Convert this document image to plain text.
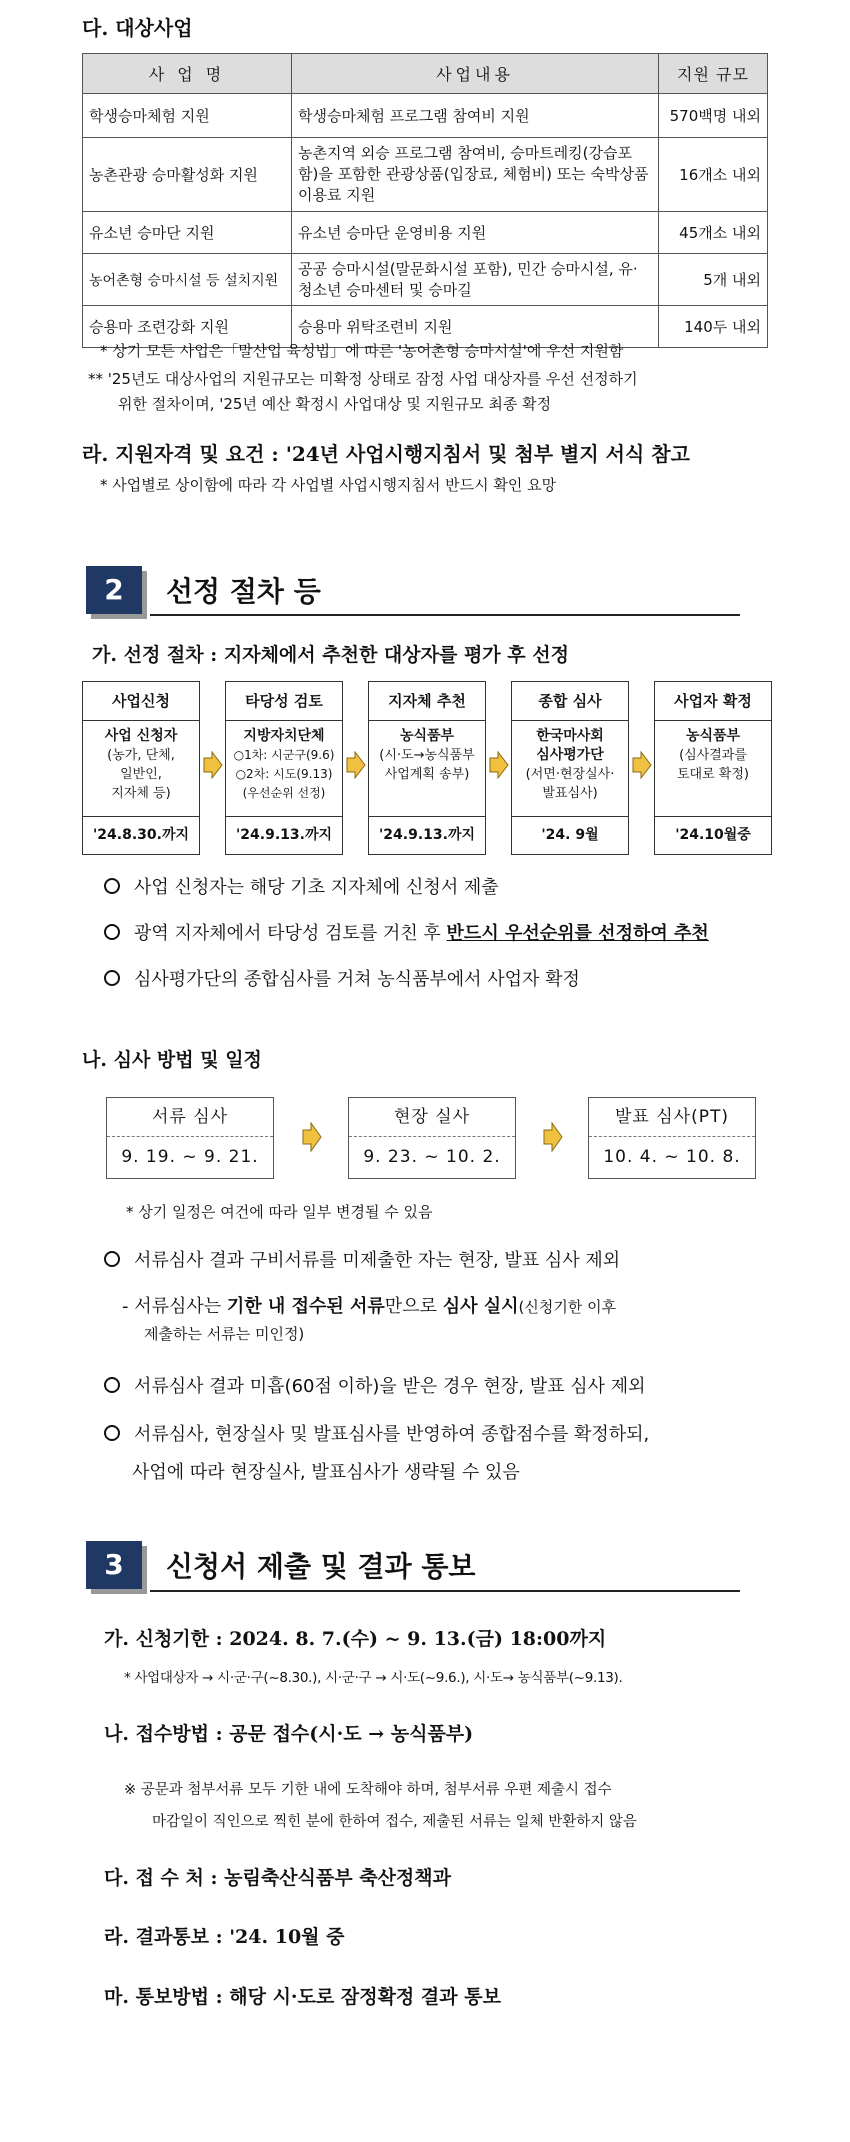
다. 대상사업
사 업 명	사업내용	지원 규모
학생승마체험 지원	학생승마체험 프로그램 참여비 지원	570백명 내외
농촌관광 승마활성화 지원	농촌지역 외승 프로그램 참여비, 승마트레킹(강습포함)을 포함한 관광상품(입장료, 체험비) 또는 숙박상품 이용료 지원	16개소 내외
유소년 승마단 지원	유소년 승마단 운영비용 지원	45개소 내외
농어촌형 승마시설 등 설치지원	공공 승마시설(말문화시설 포함), 민간 승마시설, 유·청소년 승마센터 및 승마길	5개 내외
승용마 조련강화 지원	승용마 위탁조련비 지원	140두 내외
* 상기 모든 사업은「말산업 육성법」에 따른 '농어촌형 승마시설'에 우선 지원함
** '25년도 대상사업의 지원규모는 미확정 상태로 잠정 사업 대상자를 우선 선정하기
위한 절차이며, '25년 예산 확정시 사업대상 및 지원규모 최종 확정
라. 지원자격 및 요건 : '24년 사업시행지침서 및 첨부 별지 서식 참고
* 사업별로 상이함에 따라 각 사업별 사업시행지침서 반드시 확인 요망
2	선정 절차 등
가. 선정 절차 : 지자체에서 추천한 대상자를 평가 후 선정
사업신청
사업 신청자
(농가, 단체,
일반인,
지자체 등)
'24.8.30.까지
타당성 검토
지방자치단체
○1차: 시군구(9.6)
○2차: 시도(9.13)
(우선순위 선정)
'24.9.13.까지
지자체 추천
농식품부
(시·도→농식품부
사업계획 송부)
'24.9.13.까지
종합 심사
한국마사회
심사평가단
(서면·현장실사·
발표심사)
'24. 9월
사업자 확정
농식품부
(심사결과를
토대로 확정)
'24.10월중
사업 신청자는 해당 기초 지자체에 신청서 제출
광역 지자체에서 타당성 검토를 거친 후 반드시 우선순위를 선정하여 추천
심사평가단의 종합심사를 거쳐 농식품부에서 사업자 확정
나. 심사 방법 및 일정
서류 심사
9. 19. ~ 9. 21.
현장 실사
9. 23. ~ 10. 2.
발표 심사(PT)
10. 4. ~ 10. 8.
* 상기 일정은 여건에 따라 일부 변경될 수 있음
서류심사 결과 구비서류를 미제출한 자는 현장, 발표 심사 제외
- 서류심사는 기한 내 접수된 서류만으로 심사 실시(신청기한 이후
제출하는 서류는 미인정)
서류심사 결과 미흡(60점 이하)을 받은 경우 현장, 발표 심사 제외
서류심사, 현장실사 및 발표심사를 반영하여 종합점수를 확정하되,
사업에 따라 현장실사, 발표심사가 생략될 수 있음
3	신청서 제출 및 결과 통보
가. 신청기한 : 2024. 8. 7.(수) ~ 9. 13.(금) 18:00까지
* 사업대상자 → 시·군·구(~8.30.), 시·군·구 → 시·도(~9.6.), 시·도→ 농식품부(~9.13).
나. 접수방법 : 공문 접수(시·도 → 농식품부)
※ 공문과 첨부서류 모두 기한 내에 도착해야 하며, 첨부서류 우편 제출시 접수
마감일이 직인으로 찍힌 분에 한하여 접수, 제출된 서류는 일체 반환하지 않음
다. 접 수 처 : 농림축산식품부 축산정책과
라. 결과통보 : '24. 10월 중
마. 통보방법 : 해당 시·도로 잠정확정 결과 통보
